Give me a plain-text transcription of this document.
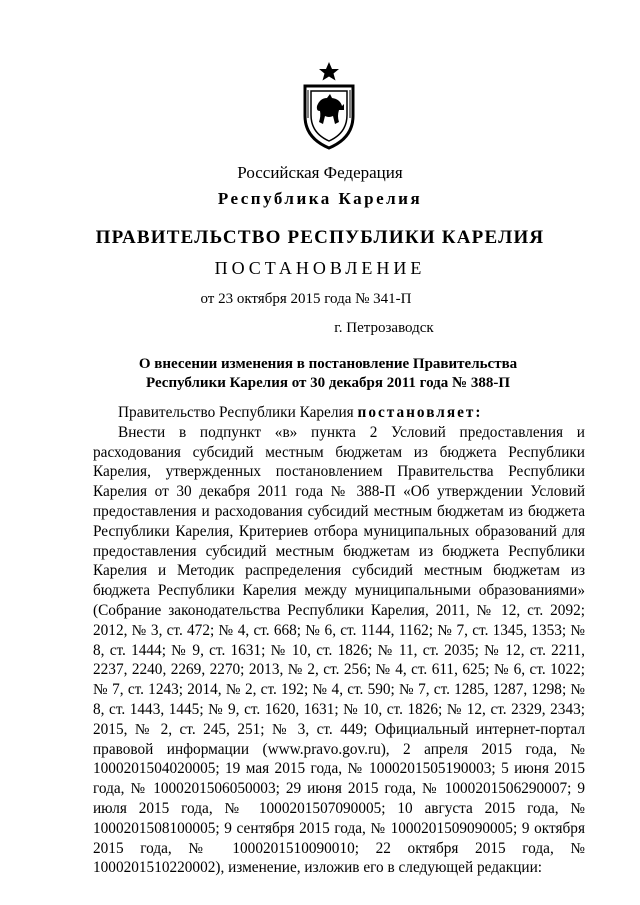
Российская Федерация
Республика Карелия
ПРАВИТЕЛЬСТВО РЕСПУБЛИКИ КАРЕЛИЯ
ПОСТАНОВЛЕНИЕ
от 23 октября 2015 года № 341-П
г. Петрозаводск
О внесении изменения в постановление Правительства
Республики Карелия от 30 декабря 2011 года № 388-П

Правительство Республики Карелия постановляет:

Внести в подпункт «в» пункта 2 Условий предоставления и расходования субсидий местным бюджетам из бюджета Республики Карелия, утвержденных постановлением Правительства Республики Карелия от 30 декабря 2011 года № 388-П «Об утверждении Условий предоставления и расходования субсидий местным бюджетам из бюджета Республики Карелия, Критериев отбора муниципальных образований для предоставления субсидий местным бюджетам из бюджета Республики Карелия и Методик распределения субсидий местным бюджетам из бюджета Республики Карелия между муниципальными образованиями» (Собрание законодательства Республики Карелия, 2011, № 12, ст. 2092; 2012, № 3, ст. 472; № 4, ст. 668; № 6, ст. 1144, 1162; № 7, ст. 1345, 1353; № 8, ст. 1444; № 9, ст. 1631; № 10, ст. 1826; № 11, ст. 2035; № 12, ст. 2211, 2237, 2240, 2269, 2270; 2013, № 2, ст. 256; № 4, ст. 611, 625; № 6, ст. 1022; № 7, ст. 1243; 2014, № 2, ст. 192; № 4, ст. 590; № 7, ст. 1285, 1287, 1298; № 8, ст. 1443, 1445; № 9, ст. 1620, 1631; № 10, ст. 1826; № 12, ст. 2329, 2343; 2015, № 2, ст. 245, 251; № 3, ст. 449; Официальный интернет-портал правовой информации (www.pravo.gov.ru), 2 апреля 2015 года, № 1000201504020005; 19 мая 2015 года, № 1000201505190003; 5 июня 2015 года, № 1000201506050003; 29 июня 2015 года, № 1000201506290007; 9 июля 2015 года, № 1000201507090005; 10 августа 2015 года, № 1000201508100005; 9 сентября 2015 года, № 1000201509090005; 9 октября 2015 года, № 1000201510090010; 22 октября 2015 года, № 1000201510220002), изменение, изложив его в следующей редакции:
